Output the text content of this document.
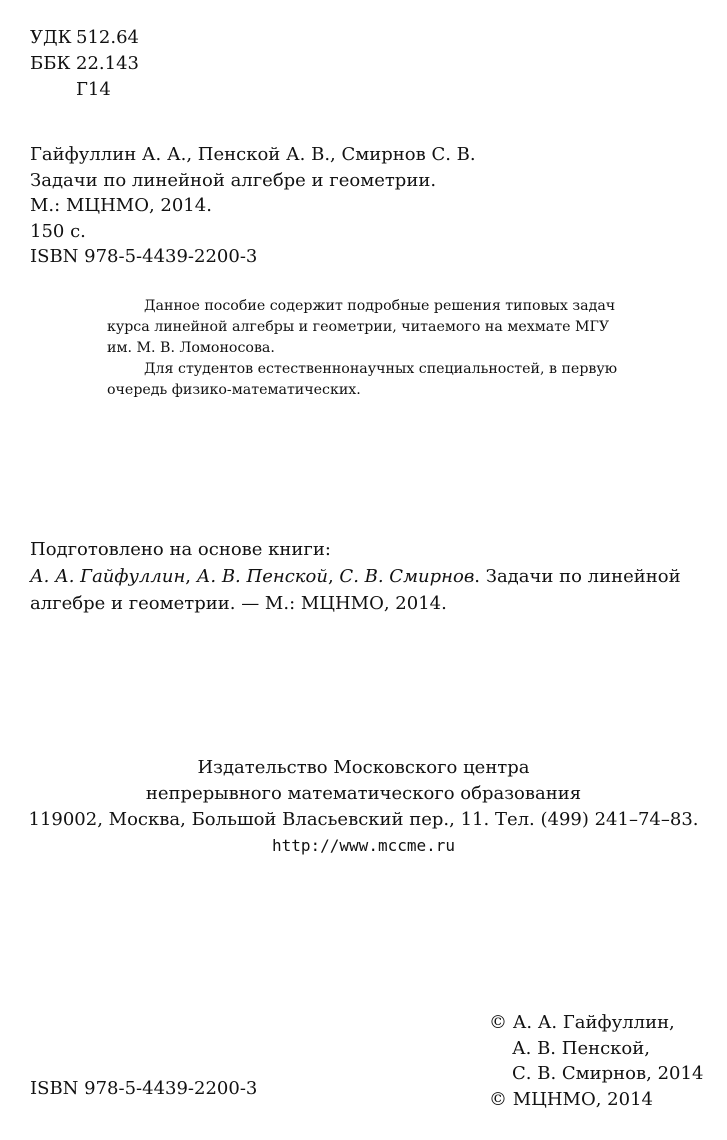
УДК 512.64
ББК 22.143
Г14
Гайфуллин А. А., Пенской А. В., Смирнов С. В.
Задачи по линейной алгебре и геометрии.
М.: МЦНМО, 2014.
150 с.
ISBN 978-5-4439-2200-3
Данное пособие содержит подробные решения типовых задач
курса линейной алгебры и геометрии, читаемого на мехмате МГУ
им. М. В. Ломоносова.
Для студентов естественнонаучных специальностей, в первую
очередь физико-математических.
Подготовлено на основе книги:
А. А. Гайфуллин, А. В. Пенской, С. В. Смирнов. Задачи по линейной
алгебре и геометрии. — М.: МЦНМО, 2014.
Издательство Московского центра
непрерывного математического образования
119002, Москва, Большой Власьевский пер., 11. Тел. (499) 241–74–83.
http://www.mccme.ru
ISBN 978-5-4439-2200-3
© А. А. Гайфуллин,
А. В. Пенской,
С. В. Смирнов, 2014
© МЦНМО, 2014
